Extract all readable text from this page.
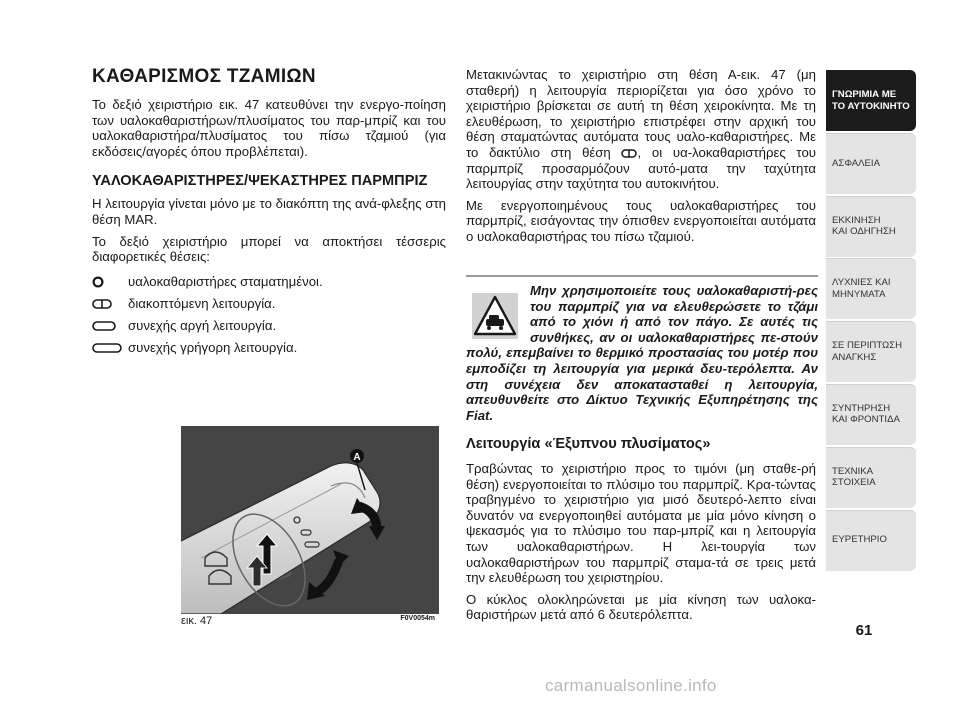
ΚΑΘΑΡΙΣΜΟΣ ΤΖΑΜΙΩΝ

Το δεξιό χειριστήριο εικ. 47 κατευθύνει την ενεργο-ποίηση των υαλοκαθαριστήρων/πλυσίματος του παρ-μπρίζ και του υαλοκαθαριστήρα/πλυσίματος του πίσω τζαμιού (για εκδόσεις/αγορές όπου προβλέπεται).

ΥΑΛΟΚΑΘΑΡΙΣΤΗΡΕΣ/ΨΕΚΑΣΤΗΡΕΣ ΠΑΡΜΠΡΙΖ

Η λειτουργία γίνεται μόνο με το διακόπτη της ανά-φλεξης στη θέση MAR.

Το δεξιό χειριστήριο μπορεί να αποκτήσει τέσσερις διαφορετικές θέσεις:

υαλοκαθαριστήρες σταματημένοι.
διακοπτόμενη λειτουργία.
συνεχής αργή λειτουργία.
συνεχής γρήγορη λειτουργία.

Μετακινώντας το χειριστήριο στη θέση Α-εικ. 47 (μη σταθερή) η λειτουργία περιορίζεται για όσο χρόνο το χειριστήριο βρίσκεται σε αυτή τη θέση χειροκίνητα. Με τη ελευθέρωση, το χειριστήριο επιστρέφει στην αρχική του θέση σταματώντας αυτόματα τους υαλο-καθαριστήρες. Με το δακτύλιο στη θέση , οι υα-λοκαθαριστήρες του παρμπρίζ προσαρμόζουν αυτό-ματα την ταχύτητα λειτουργίας στην ταχύτητα του αυτοκινήτου.

Με ενεργοποιημένους τους υαλοκαθαριστήρες του παρμπρίζ, εισάγοντας την όπισθεν ενεργοποιείται αυτόματα ο υαλοκαθαριστήρας του πίσω τζαμιού.

Μην χρησιμοποιείτε τους υαλοκαθαριστή-ρες του παρμπρίζ για να ελευθερώσετε το τζάμι από το χιόνι ή από τον πάγο. Σε αυτές τις συνθήκες, αν οι υαλοκαθαριστήρες πε-στούν πολύ, επεμβαίνει το θερμικό προστασίας του μοτέρ που εμποδίζει τη λειτουργία για μερικά δευ-τερόλεπτα. Αν στη συνέχεια δεν αποκατασταθεί η λειτουργία, απευθυνθείτε στο Δίκτυο Τεχνικής Εξυπηρέτησης της Fiat.

Λειτουργία «Έξυπνου πλυσίματος»

Τραβώντας το χειριστήριο προς το τιμόνι (μη σταθε-ρή θέση) ενεργοποιείται το πλύσιμο του παρμπρίζ. Κρα-τώντας τραβηγμένο το χειριστήριο για μισό δευτερό-λεπτο είναι δυνατόν να ενεργοποιηθεί αυτόματα με μία μόνο κίνηση ο ψεκασμός για το πλύσιμο του παρ-μπρίζ και η λειτουργία των υαλοκαθαριστήρων. Η λει-τουργία των υαλοκαθαριστήρων του παρμπρίζ σταμα-τά σε τρεις μετά την ελευθέρωση του χειριστηρίου.

Ο κύκλος ολοκληρώνεται με μία κίνηση των υαλοκα-θαριστήρων μετά από 6 δευτερόλεπτα.

A
εικ. 47	F0V0054m
ΓΝΩΡΙΜΙΑ ΜΕ
ΤΟ ΑΥΤΟΚΙΝΗΤΟ
ΑΣΦΑΛΕΙΑ
ΕΚΚΙΝΗΣΗ
ΚΑΙ ΟΔΗΓΗΣΗ
ΛΥΧΝΙΕΣ ΚΑΙ
ΜΗΝΥΜΑΤΑ
ΣΕ ΠΕΡΙΠΤΩΣΗ
ΑΝΑΓΚΗΣ
ΣΥΝΤΗΡΗΣΗ
ΚΑΙ ΦΡΟΝΤΙΔΑ
ΤΕΧΝΙΚΑ
ΣΤΟΙΧΕΙΑ
ΕΥΡΕΤΗΡΙΟ
61
carmanualsonline.info
